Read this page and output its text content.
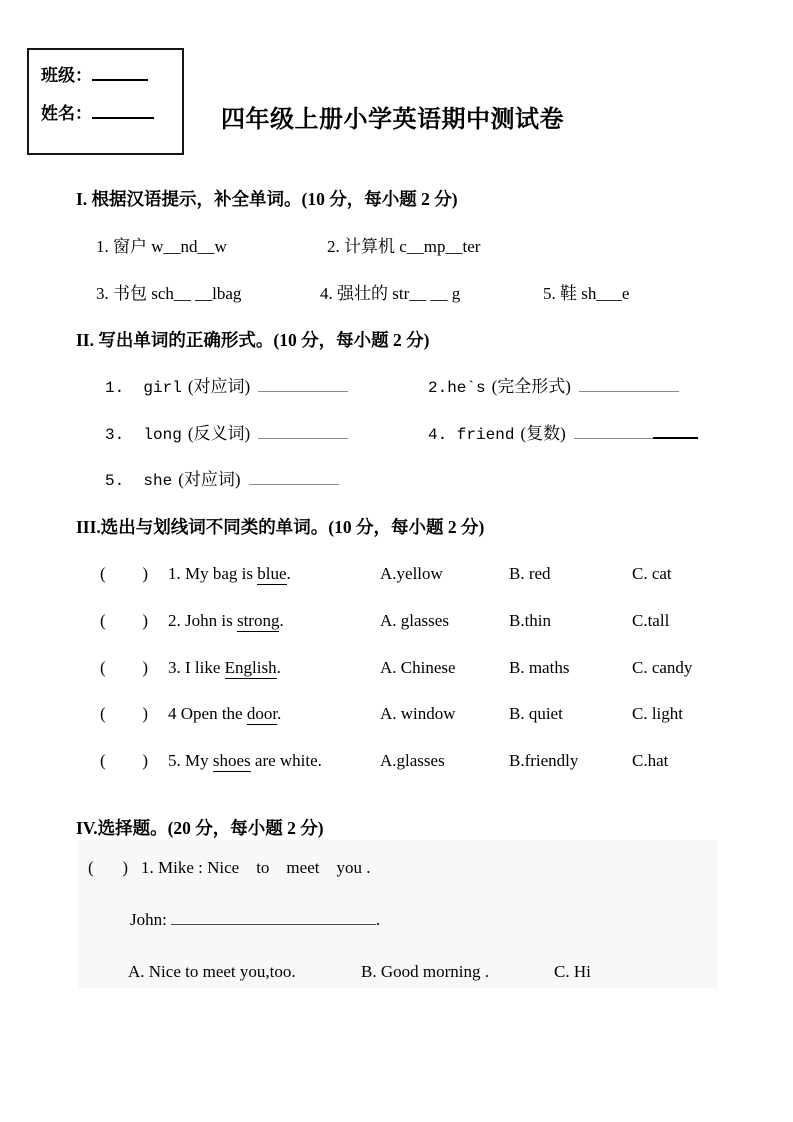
班级：
姓名：	四年级上册小学英语期中测试卷
I. 根据汉语提示，补全单词。(10 分，每小题 2 分)
1. 窗户 w__nd__w	2. 计算机 c__mp__ter
3. 书包 sch__ __lbag	4. 强壮的 str__ __ g	5. 鞋 sh___e
II. 写出单词的正确形式。(10 分，每小题 2 分)
1.  girl (对应词)	2.he`s (完全形式)
3.  long (反义词)	4. friend (复数)
5.  she (对应词)
III.选出与划线词不同类的单词。(10 分，每小题 2 分)
( ) 1. My bag is blue.	A.yellow	B. red	C. cat
( ) 2. John is strong.	A. glasses	B.thin	C.tall
( ) 3. I like English.	A. Chinese	B. maths	C. candy
( ) 4 Open the door.	A. window	B. quiet	C. light
( ) 5. My shoes are white.	A.glasses	B.friendly	C.hat
IV.选择题。(20 分，每小题 2 分)
( ) 1. Mike : Nice    to    meet    you .
John:	.
A. Nice to meet you,too.	B. Good morning .	C. Hi
